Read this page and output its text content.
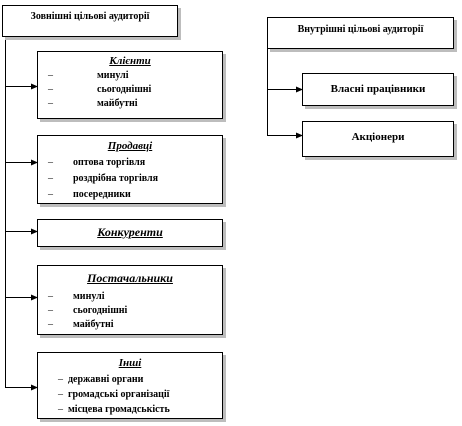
Зовнішні цільові аудиторії
Клієнти
–	минулі
–	сьогоднішні
–	майбутні
Продавці
– оптова торгівля
– роздрібна торгівля
– посередники
Конкуренти
Постачальники
– минулі
– сьогоднішні
– майбутні
Інші
– державні органи
– громадські організації
– місцева громадськість
Внутрішні цільові аудиторії
Власні працівники
Акціонери
